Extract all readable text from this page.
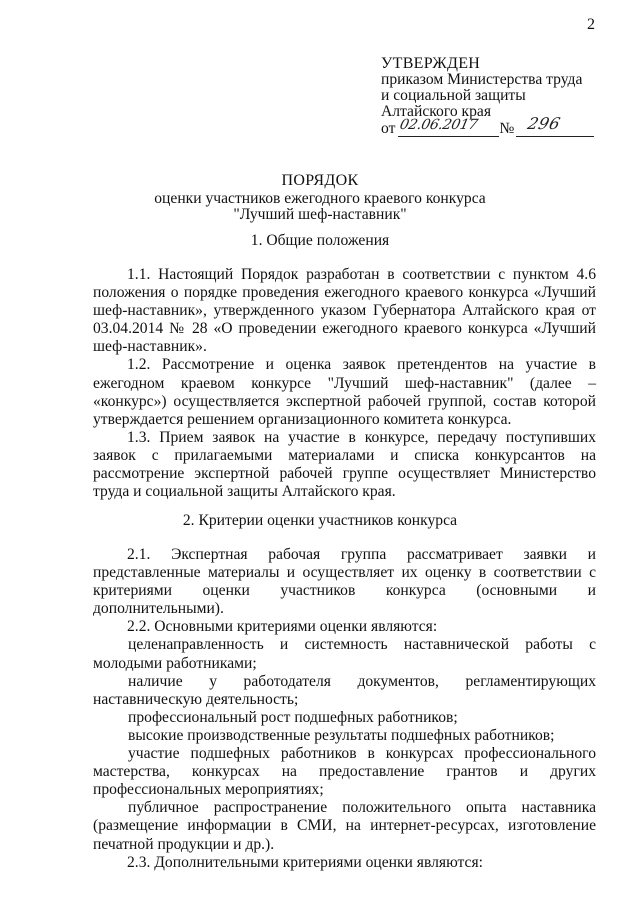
2
УТВЕРЖДЕН
приказом Министерства труда
и социальной защиты
Алтайского края
от 02.06.2017 № 296
ПОРЯДОК
оценки участников ежегодного краевого конкурса
"Лучший шеф-наставник"
1. Общие положения

1.1. Настоящий Порядок разработан в соответствии с пунктом 4.6 положения о порядке проведения ежегодного краевого конкурса «Лучший шеф-наставник», утвержденного указом Губернатора Алтайского края от 03.04.2014 № 28 «О проведении ежегодного краевого конкурса «Лучший шеф-наставник».

1.2. Рассмотрение и оценка заявок претендентов на участие в ежегодном краевом конкурсе "Лучший шеф-наставник" (далее – «конкурс») осуществляется экспертной рабочей группой, состав которой утверждается решением организационного комитета конкурса.

1.3. Прием заявок на участие в конкурсе, передачу поступивших заявок с прилагаемыми материалами и списка конкурсантов на рассмотрение экспертной рабочей группе осуществляет Министерство труда и социальной защиты Алтайского края.

2. Критерии оценки участников конкурса

2.1. Экспертная рабочая группа рассматривает заявки и представленные материалы и осуществляет их оценку в соответствии с критериями оценки участников конкурса (основными и дополнительными).

2.2. Основными критериями оценки являются:

целенаправленность и системность наставнической работы с молодыми работниками;

наличие у работодателя документов, регламентирующих наставническую деятельность;

профессиональный рост подшефных работников;

высокие производственные результаты подшефных работников;

участие подшефных работников в конкурсах профессионального мастерства, конкурсах на предоставление грантов и других профессиональных мероприятиях;

публичное распространение положительного опыта наставника (размещение информации в СМИ, на интернет-ресурсах, изготовление печатной продукции и др.).

2.3. Дополнительными критериями оценки являются:
